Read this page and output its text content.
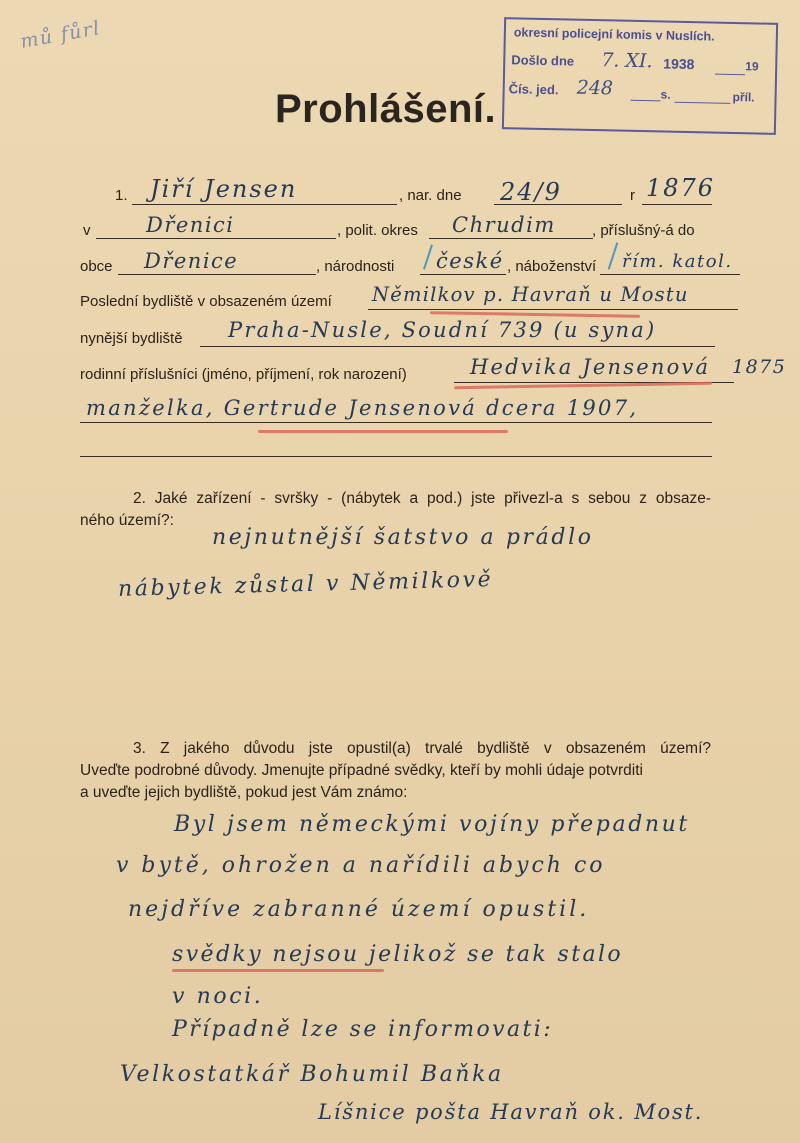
mů fůrl	okresní policejní komis v Nuslích.
Došlo dne 7. XI. 1938	19
Čís. jed. 248	s.	příl.
Prohlášení.
1. Jiří Jensen	, nar. dne 24/9	r 1876
v	Dřenici	, polit. okres Chrudim , příslušný-á do
obce Dřenice	, národnosti české , náboženství řím. katol.
Poslední bydliště v obsazeném území Němilkov p. Havraň u Mostu
nynější bydliště Praha-Nusle, Soudní 739 (u syna)
rodinní příslušníci (jméno, příjmení, rok narození)	Hedvika Jensenová 1875
manželka, Gertrude Jensenová dcera 1907,
2. Jaké zařízení - svršky - (nábytek a pod.) jste přivezl-a s sebou z obsaze-
ného území?:
nejnutnější šatstvo a prádlo
nábytek zůstal v Němilkově
3. Z jakého důvodu jste opustil(a) trvalé bydliště v obsazeném území?
Uveďte podrobné důvody. Jmenujte případné svědky, kteří by mohli údaje potvrditi
a uveďte jejich bydliště, pokud jest Vám známo:
Byl jsem německými vojíny přepadnut
v bytě, ohrožen a nařídili abych co
nejdříve zabranné území opustil.
svědky nejsou jelikož se tak stalo
v noci.
Případně lze se informovati:
Velkostatkář Bohumil Baňka
Líšnice pošta Havraň ok. Most.
